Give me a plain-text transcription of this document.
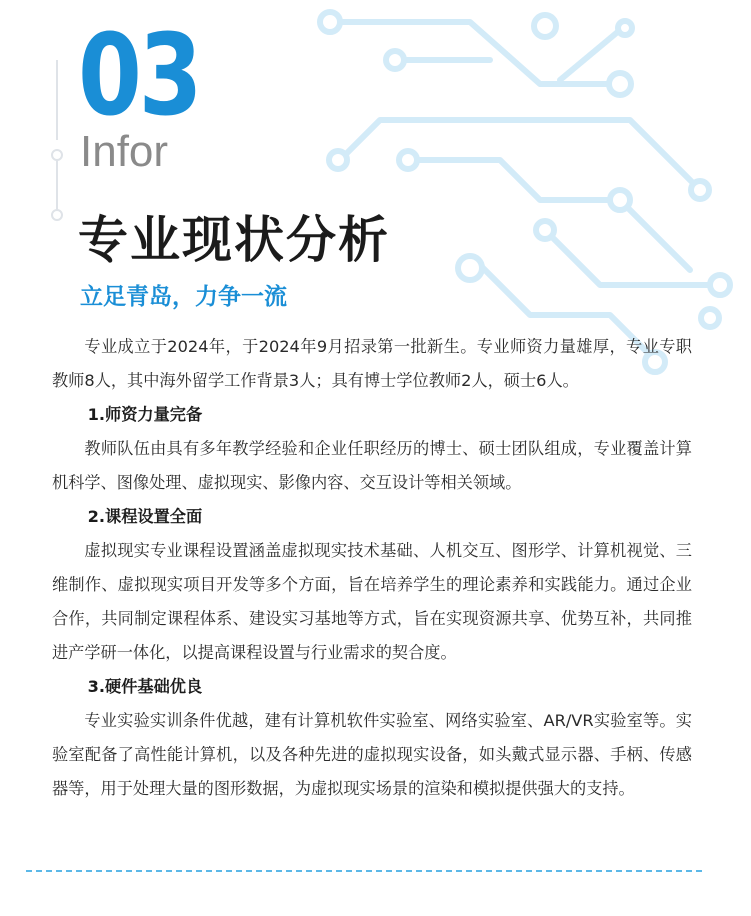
03
Infor
专业现状分析
立足青岛，力争一流

专业成立于2024年，于2024年9月招录第一批新生。专业师资力量雄厚，专业专职教师8人，其中海外留学工作背景3人；具有博士学位教师2人，硕士6人。

1.师资力量完备

教师队伍由具有多年教学经验和企业任职经历的博士、硕士团队组成，专业覆盖计算机科学、图像处理、虚拟现实、影像内容、交互设计等相关领域。

2.课程设置全面

虚拟现实专业课程设置涵盖虚拟现实技术基础、人机交互、图形学、计算机视觉、三维制作、虚拟现实项目开发等多个方面，旨在培养学生的理论素养和实践能力。通过企业合作，共同制定课程体系、建设实习基地等方式，旨在实现资源共享、优势互补，共同推进产学研一体化，以提高课程设置与行业需求的契合度。

3.硬件基础优良

专业实验实训条件优越，建有计算机软件实验室、网络实验室、AR/VR实验室等。实验室配备了高性能计算机，以及各种先进的虚拟现实设备，如头戴式显示器、手柄、传感器等，用于处理大量的图形数据，为虚拟现实场景的渲染和模拟提供强大的支持。
